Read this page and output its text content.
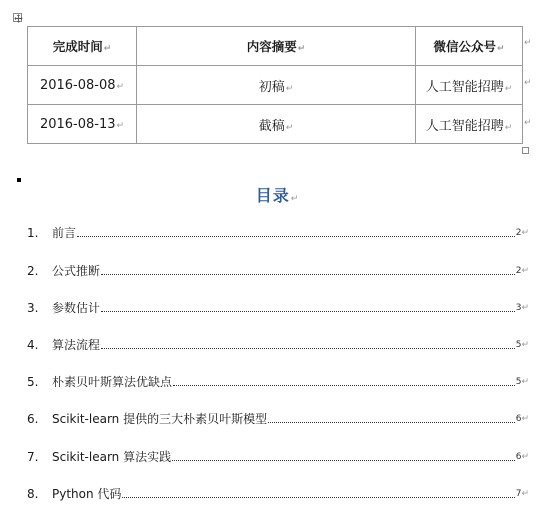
完成时间↵	内容摘要↵	微信公众号↵
2016-08-08↵	初稿↵	人工智能招聘↵
2016-08-13↵	截稿↵	人工智能招聘↵
↵
↵
↵
目录↵
1.	前言	2↵
2.	公式推断	2↵
3.	参数估计	3↵
4.	算法流程	5↵
5.	朴素贝叶斯算法优缺点	5↵
6.	Scikit-learn 提供的三大朴素贝叶斯模型	6↵
7.	Scikit-learn 算法实践	6↵
8.	Python 代码	7↵
